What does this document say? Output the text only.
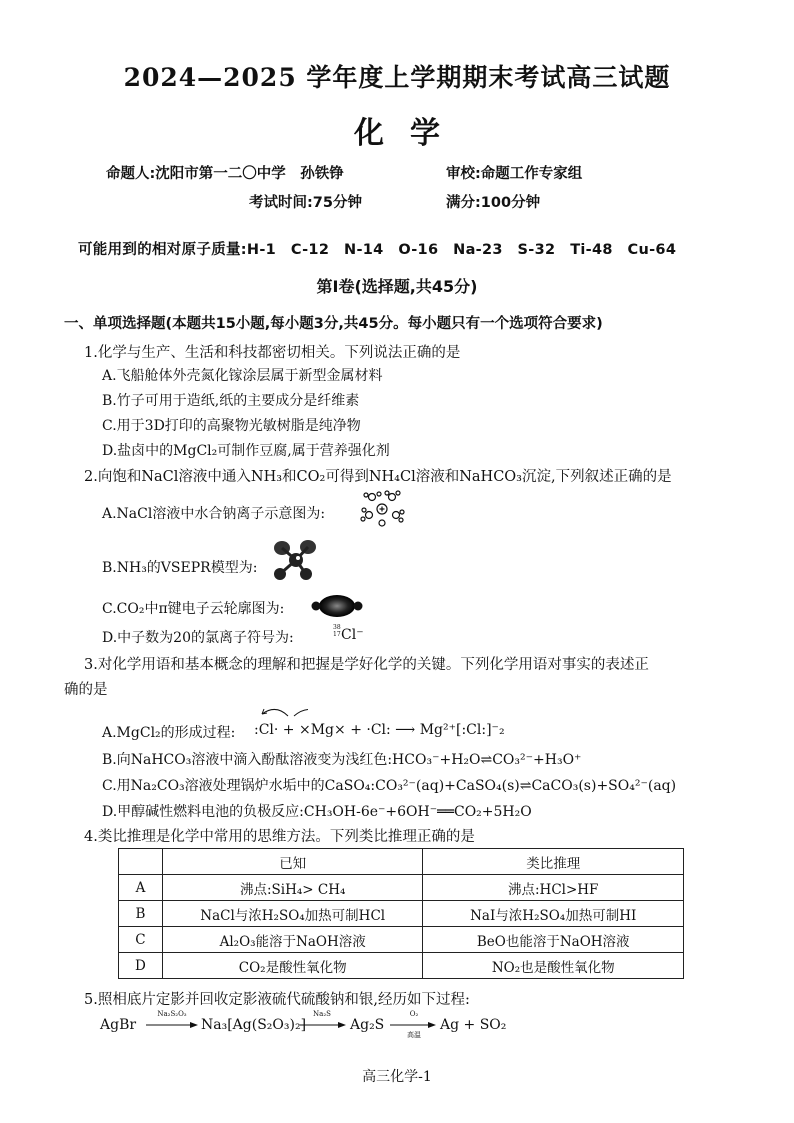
2024—2025 学年度上学期期末考试高三试题
化学
命题人:沈阳市第一二〇中学　孙铁铮	审校:命题工作专家组
考试时间:75分钟	满分:100分钟
可能用到的相对原子质量:H-1　C-12　N-14　O-16　Na-23　S-32　Ti-48　Cu-64
第Ⅰ卷(选择题,共45分)
一、单项选择题(本题共15小题,每小题3分,共45分。每小题只有一个选项符合要求)
1.化学与生产、生活和科技都密切相关。下列说法正确的是
A.飞船舱体外壳氮化镓涂层属于新型金属材料
B.竹子可用于造纸,纸的主要成分是纤维素
C.用于3D打印的高聚物光敏树脂是纯净物
D.盐卤中的MgCl₂可制作豆腐,属于营养强化剂
2.向饱和NaCl溶液中通入NH₃和CO₂可得到NH₄Cl溶液和NaHCO₃沉淀,下列叙述正确的是
A.NaCl溶液中水合钠离子示意图为:
B.NH₃的VSEPR模型为:
C.CO₂中π键电子云轮廓图为:
D.中子数为20的氯离子符号为:
38
17 Cl⁻
3.对化学用语和基本概念的理解和把握是学好化学的关键。下列化学用语对事实的表述正
确的是
A.MgCl₂的形成过程: :Cl· + ×Mg× + ·Cl: ⟶ Mg²⁺[:Cl:]⁻₂
B.向NaHCO₃溶液中滴入酚酞溶液变为浅红色:HCO₃⁻+H₂O⇌CO₃²⁻+H₃O⁺
C.用Na₂CO₃溶液处理锅炉水垢中的CaSO₄:CO₃²⁻(aq)+CaSO₄(s)⇌CaCO₃(s)+SO₄²⁻(aq)
D.甲醇碱性燃料电池的负极反应:CH₃OH-6e⁻+6OH⁻══CO₂+5H₂O
4.类比推理是化学中常用的思维方法。下列类比推理正确的是
	已知	类比推理
A	沸点:SiH₄> CH₄	沸点:HCl>HF
B	NaCl与浓H₂SO₄加热可制HCl	NaI与浓H₂SO₄加热可制HI
C	Al₂O₃能溶于NaOH溶液	BeO也能溶于NaOH溶液
D	CO₂是酸性氧化物	NO₂也是酸性氧化物
5.照相底片定影并回收定影液硫代硫酸钠和银,经历如下过程:
AgBr
Na₂S₂O₃
→ Na₃[Ag(S₂O₃)₂]
Na₂S
→ Ag₂S
O₂
高温
Ag + SO₂
高三化学-1
